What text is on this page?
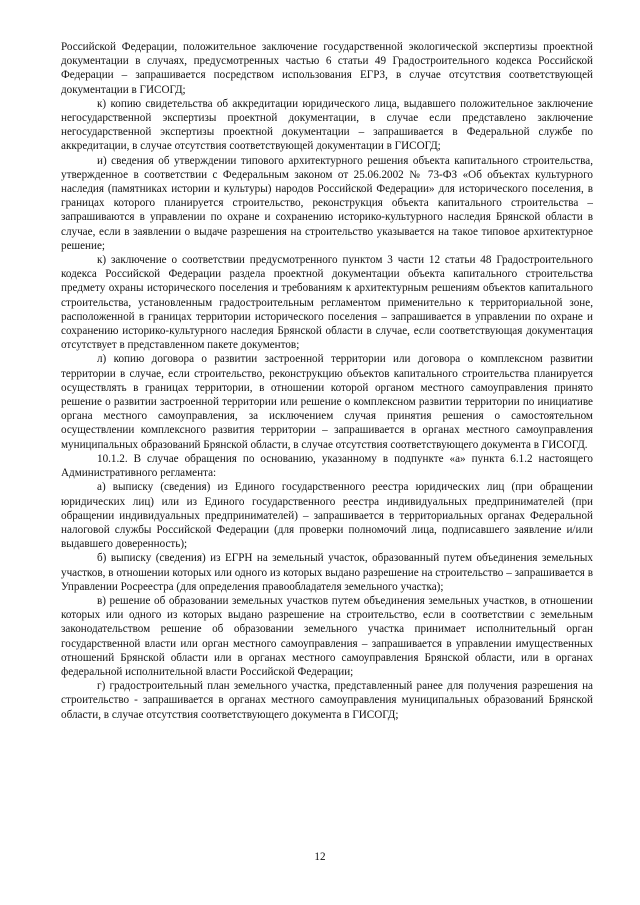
Российской Федерации, положительное заключение государственной экологической экспертизы проектной документации в случаях, предусмотренных частью 6 статьи 49 Градостроительного кодекса Российской Федерации – запрашивается посредством использования ЕГРЗ, в случае отсутствия соответствующей документации в ГИСОГД;

к) копию свидетельства об аккредитации юридического лица, выдавшего положительное заключение негосударственной экспертизы проектной документации, в случае если представлено заключение негосударственной экспертизы проектной документации – запрашивается в Федеральной службе по аккредитации, в случае отсутствия соответствующей документации в ГИСОГД;

и) сведения об утверждении типового архитектурного решения объекта капитального строительства, утвержденное в соответствии с Федеральным законом от 25.06.2002 № 73-ФЗ «Об объектах культурного наследия (памятниках истории и культуры) народов Российской Федерации» для исторического поселения, в границах которого планируется строительство, реконструкция объекта капитального строительства – запрашиваются в управлении по охране и сохранению историко-культурного наследия Брянской области в случае, если в заявлении о выдаче разрешения на строительство указывается на такое типовое архитектурное решение;

к) заключение о соответствии предусмотренного пунктом 3 части 12 статьи 48 Градостроительного кодекса Российской Федерации раздела проектной документации объекта капитального строительства предмету охраны исторического поселения и требованиям к архитектурным решениям объектов капитального строительства, установленным градостроительным регламентом применительно к территориальной зоне, расположенной в границах территории исторического поселения – запрашивается в управлении по охране и сохранению историко-культурного наследия Брянской области в случае, если соответствующая документация отсутствует в представленном пакете документов;

л) копию договора о развитии застроенной территории или договора о комплексном развитии территории в случае, если строительство, реконструкцию объектов капитального строительства планируется осуществлять в границах территории, в отношении которой органом местного самоуправления принято решение о развитии застроенной территории или решение о комплексном развитии территории по инициативе органа местного самоуправления, за исключением случая принятия решения о самостоятельном осуществлении комплексного развития территории – запрашивается в органах местного самоуправления муниципальных образований Брянской области, в случае отсутствия соответствующего документа в ГИСОГД.

10.1.2. В случае обращения по основанию, указанному в подпункте «а» пункта 6.1.2 настоящего Административного регламента:

а) выписку (сведения) из Единого государственного реестра юридических лиц (при обращении юридических лиц) или из Единого государственного реестра индивидуальных предпринимателей (при обращении индивидуальных предпринимателей) – запрашивается в территориальных органах Федеральной налоговой службы Российской Федерации (для проверки полномочий лица, подписавшего заявление и/или выдавшего доверенность);

б) выписку (сведения) из ЕГРН на земельный участок, образованный путем объединения земельных участков, в отношении которых или одного из которых выдано разрешение на строительство – запрашивается в Управлении Росреестра (для определения правообладателя земельного участка);

в) решение об образовании земельных участков путем объединения земельных участков, в отношении которых или одного из которых выдано разрешение на строительство, если в соответствии с земельным законодательством решение об образовании земельного участка принимает исполнительный орган государственной власти или орган местного самоуправления – запрашивается в управлении имущественных отношений Брянской области или в органах местного самоуправления Брянской области, или в органах федеральной исполнительной власти Российской Федерации;

г) градостроительный план земельного участка, представленный ранее для получения разрешения на строительство - запрашивается в органах местного самоуправления муниципальных образований Брянской области, в случае отсутствия соответствующего документа в ГИСОГД;

12
